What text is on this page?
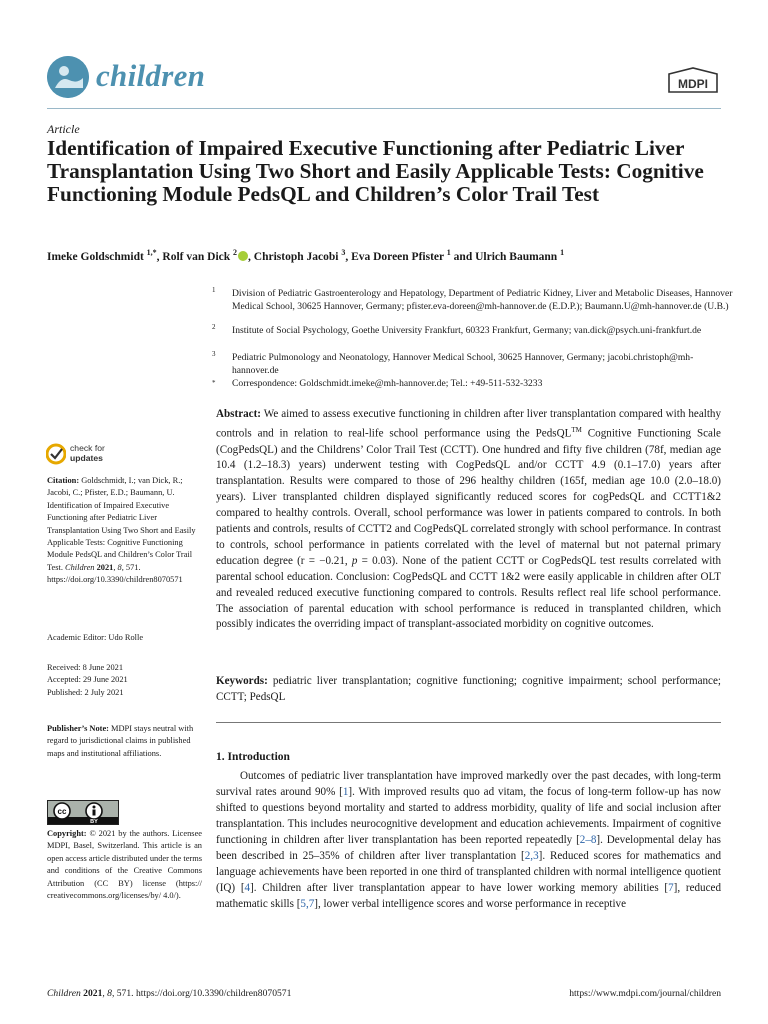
children	MDPI
Article
Identification of Impaired Executive Functioning after Pediatric Liver Transplantation Using Two Short and Easily Applicable Tests: Cognitive Functioning Module PedsQL and Children’s Color Trail Test
Imeke Goldschmidt $^{1,*}$, Rolf van Dick $^2$ , Christoph Jacobi $^3$, Eva Doreen Pfister $^1$ and Ulrich Baumann $^1$
1 Division of Pediatric Gastroenterology and Hepatology, Department of Pediatric Kidney, Liver and Metabolic Diseases, Hannover Medical School, 30625 Hannover, Germany; pfister.eva-doreen@mh-hannover.de (E.D.P.); Baumann.U@mh-hannover.de (U.B.)
2 Institute of Social Psychology, Goethe University Frankfurt, 60323 Frankfurt, Germany; van.dick@psych.uni-frankfurt.de
3 Pediatric Pulmonology and Neonatology, Hannover Medical School, 30625 Hannover, Germany; jacobi.christoph@mh-hannover.de
* Correspondence: Goldschmidt.imeke@mh-hannover.de; Tel.: +49-511-532-3233
Abstract: We aimed to assess executive functioning in children after liver transplantation compared with healthy controls and in relation to real-life school performance using the PedsQL™ Cognitive Functioning Scale (CogPedsQL) and the Childrens’ Color Trail Test (CCTT). One hundred and fifty five children (78f, median age 10.4 (1.2–18.3) years) underwent testing with CogPedsQL and/or CCTT 4.9 (0.1–17.0) years after transplantation. Results were compared to those of 296 healthy children (165f, median age 10.0 (2.0–18.0) years). Liver transplanted children displayed significantly reduced scores for cogPedsQL and CCTT1&2 compared to healthy controls. Overall, school performance was lower in patients compared to controls. In both patients and controls, results of CCTT2 and CogPedsQL correlated strongly with school performance. In contrast to controls, school performance in patients correlated with the level of maternal but not paternal primary education degree (r = −0.21, p = 0.03). None of the patient CCTT or CogPedsQL test results correlated with parental school education. Conclusion: CogPedsQL and CCTT 1&2 were easily applicable in children after OLT and revealed reduced executive functioning compared to controls. Results reflect real life school performance. The association of parental education with school performance is reduced in transplanted children, which possibly indicates the overriding impact of transplant-associated morbidity on cognitive outcomes.
Keywords: pediatric liver transplantation; cognitive functioning; cognitive impairment; school performance; CCTT; PedsQL
1. Introduction
Outcomes of pediatric liver transplantation have improved markedly over the past decades, with long-term survival rates around 90% [1]. With improved results quo ad vitam, the focus of long-term follow-up has now shifted to questions beyond mortality and started to address morbidity, quality of life and social inclusion after transplantation. This includes neurocognitive development and education achievements. Impairment of cognitive functioning in children after liver transplantation has been reported repeatedly [2–8]. Developmental delay has been described in 25–35% of children after liver transplantation [2,3]. Reduced scores for mathematics and language achievements have been reported in one third of transplanted children with normal intelligence quotient (IQ) [4]. Children after liver transplantation appear to have lower working memory abilities [7], reduced mathematic skills [5,7], lower verbal intelligence scores and worse performance in receptive
check for
updates
Citation: Goldschmidt, I.; van Dick, R.; Jacobi, C.; Pfister, E.D.; Baumann, U. Identification of Impaired Executive Functioning after Pediatric Liver Transplantation Using Two Short and Easily Applicable Tests: Cognitive Functioning Module PedsQL and Children’s Color Trail Test. Children 2021, 8, 571. https://doi.org/10.3390/children8070571
Academic Editor: Udo Rolle
Received: 8 June 2021
Accepted: 29 June 2021
Published: 2 July 2021
Publisher’s Note: MDPI stays neutral with regard to jurisdictional claims in published maps and institutional affiliations.
cc
BY
Copyright: © 2021 by the authors. Licensee MDPI, Basel, Switzerland. This article is an open access article distributed under the terms and conditions of the Creative Commons Attribution (CC BY) license (https:// creativecommons.org/licenses/by/ 4.0/).
Children 2021, 8, 571. https://doi.org/10.3390/children8070571	https://www.mdpi.com/journal/children
